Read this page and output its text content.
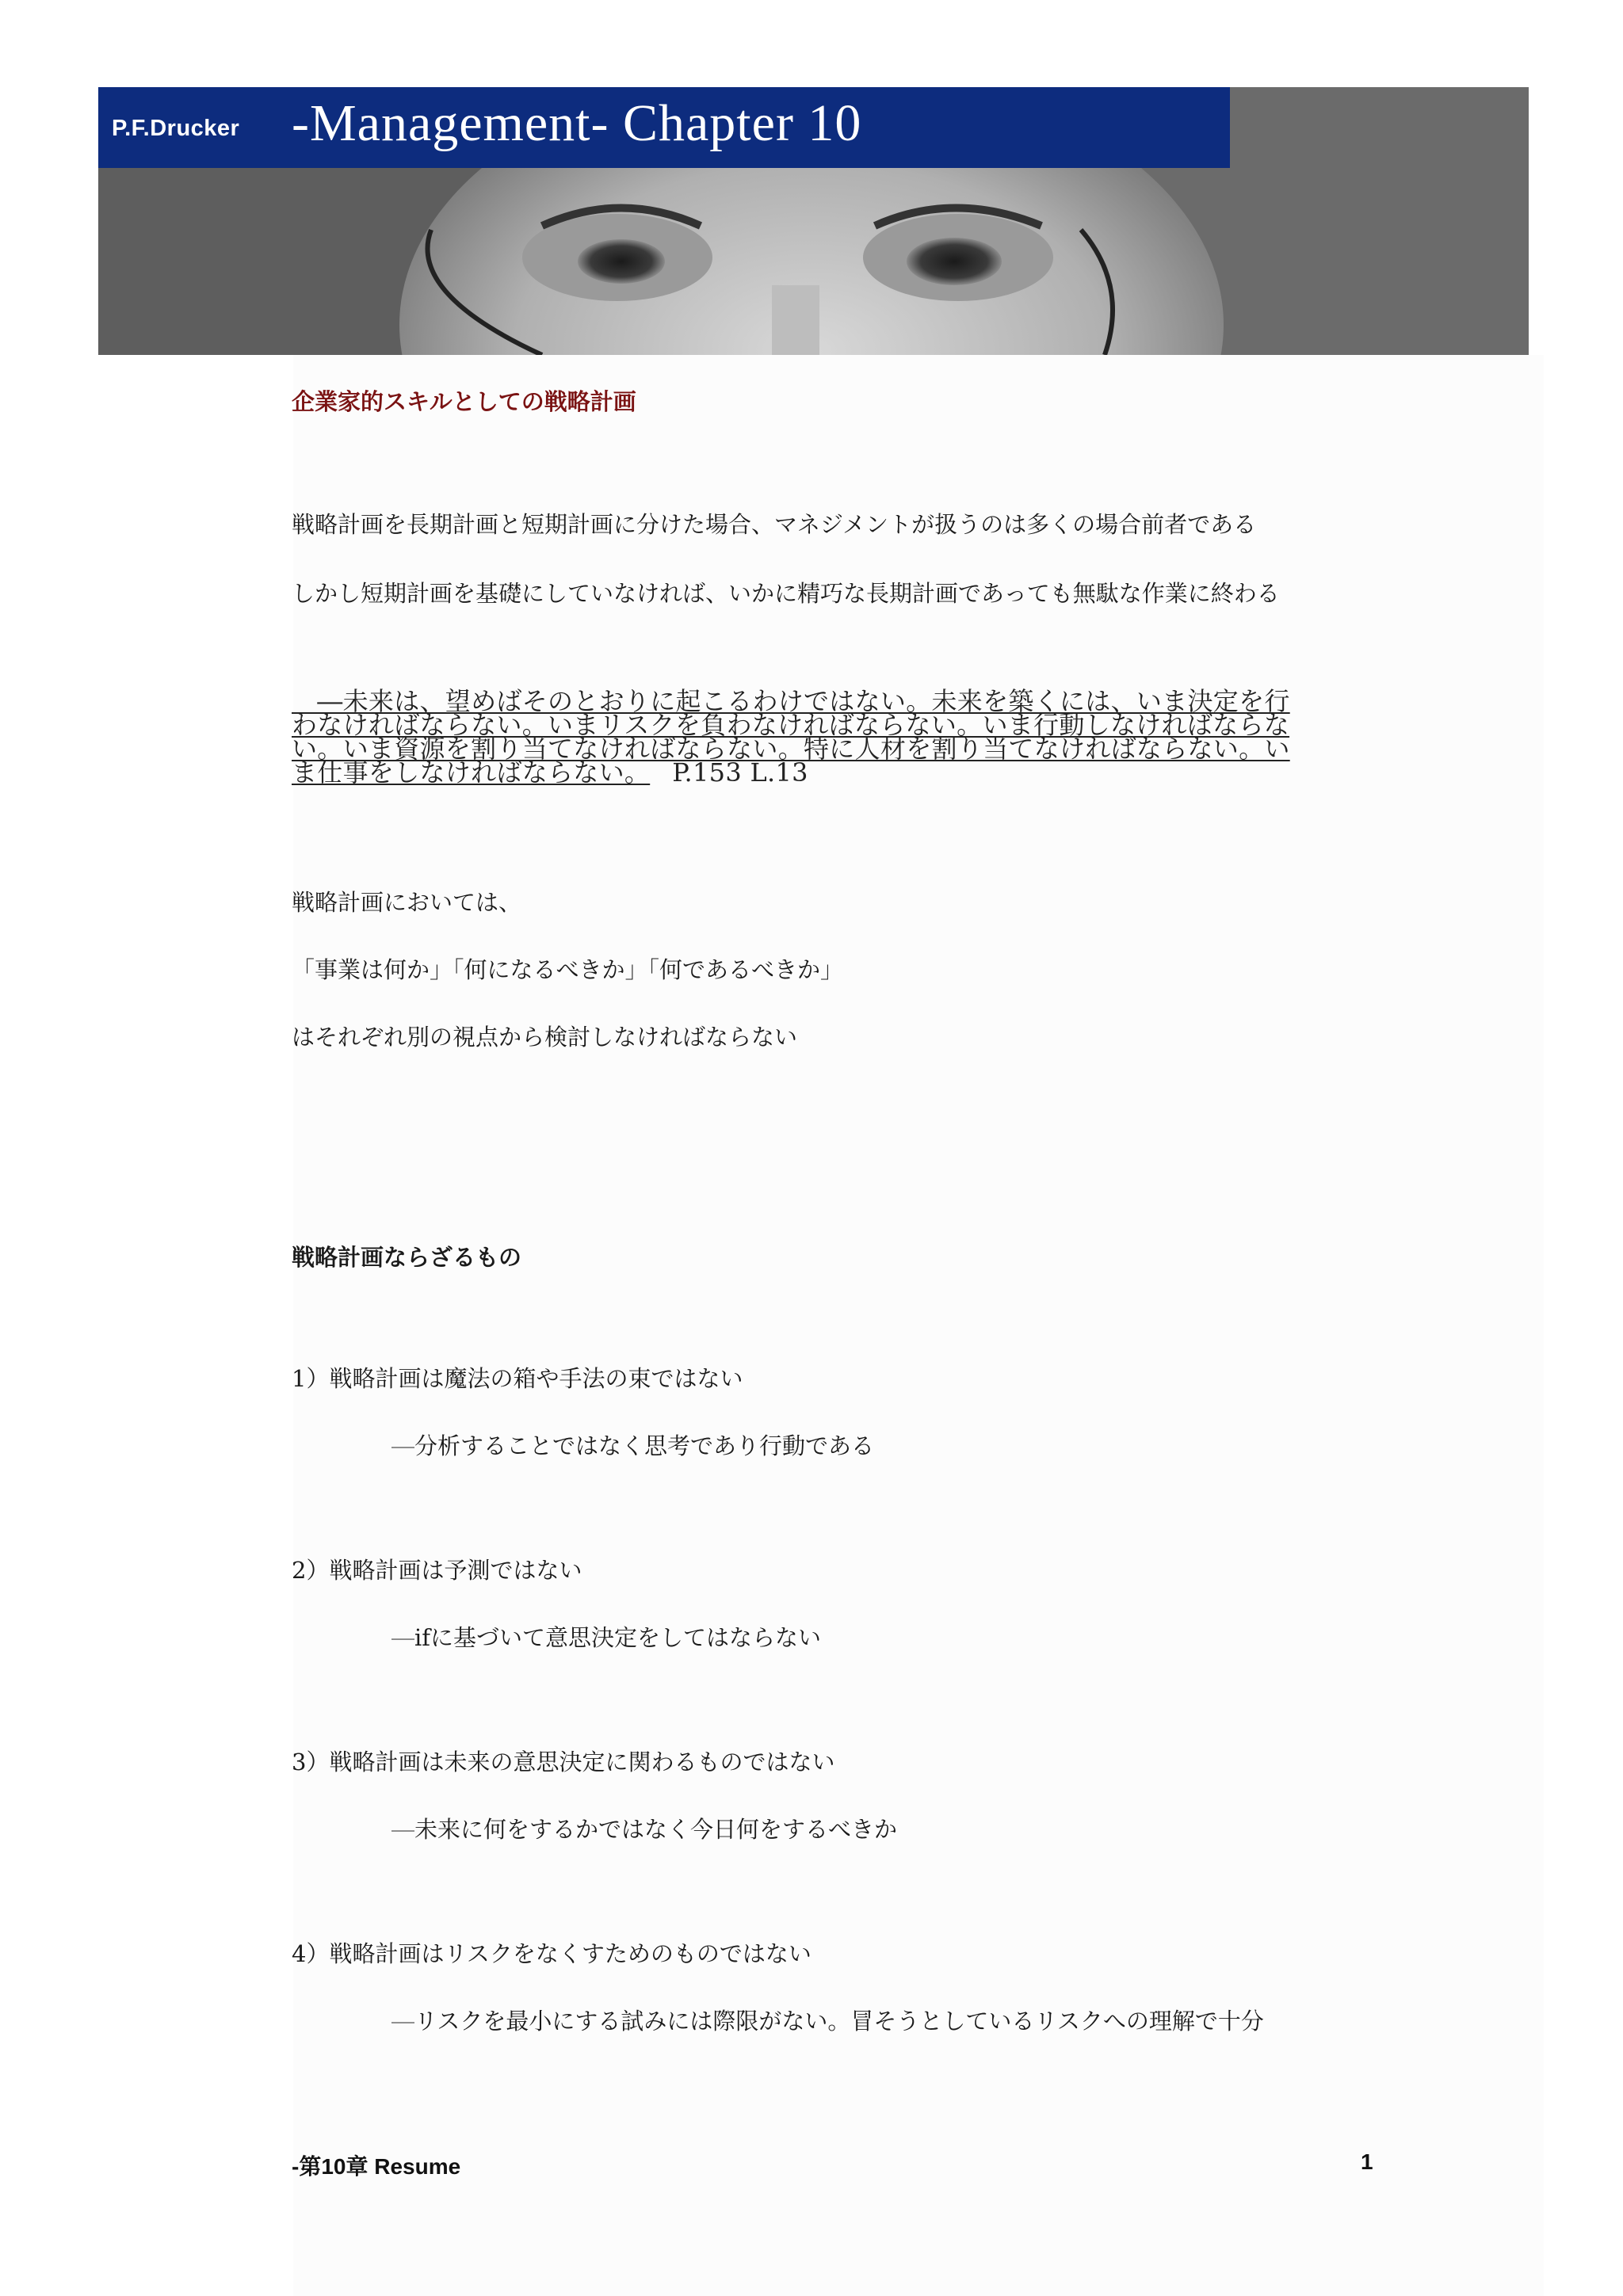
P.F.Drucker -Management- Chapter 10
企業家的スキルとしての戦略計画
戦略計画を長期計画と短期計画に分けた場合、マネジメントが扱うのは多くの場合前者である
しかし短期計画を基礎にしていなければ、いかに精巧な長期計画であっても無駄な作業に終わる
　―未来は、望めばそのとおりに起こるわけではない。未来を築くには、いま決定を行
わなければならない。いまリスクを負わなければならない。いま行動しなければならな
い。いま資源を割り当てなければならない。特に人材を割り当てなければならない。い
ま仕事をしなければならない。 P.153 L.13
戦略計画においては、
「事業は何か」「何になるべきか」「何であるべきか」
はそれぞれ別の視点から検討しなければならない
戦略計画ならざるもの
1）戦略計画は魔法の箱や手法の束ではない
―分析することではなく思考であり行動である
2）戦略計画は予測ではない
―ifに基づいて意思決定をしてはならない
3）戦略計画は未来の意思決定に関わるものではない
―未来に何をするかではなく今日何をするべきか
4）戦略計画はリスクをなくすためのものではない
―リスクを最小にする試みには際限がない。冒そうとしているリスクへの理解で十分
-第10章 Resume	1
